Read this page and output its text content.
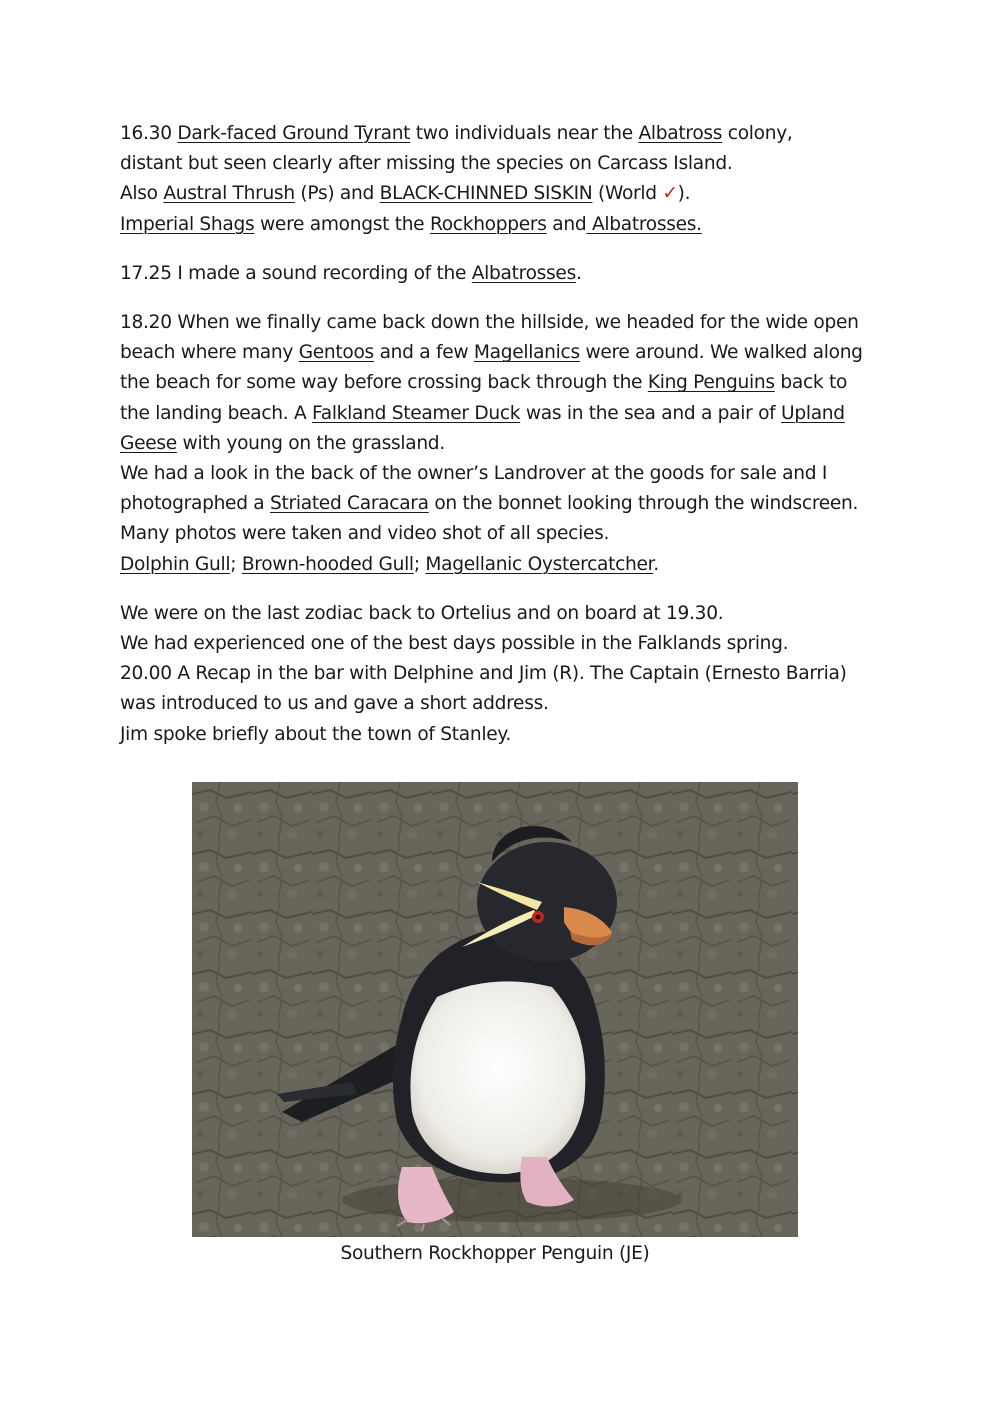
16.30 Dark-faced Ground Tyrant two individuals near the Albatross colony,
distant but seen clearly after missing the species on Carcass Island.
Also Austral Thrush (Ps) and BLACK-CHINNED SISKIN (World ✓).
Imperial Shags were amongst the Rockhoppers and Albatrosses.
17.25 I made a sound recording of the Albatrosses.
18.20 When we finally came back down the hillside, we headed for the wide open
beach where many Gentoos and a few Magellanics were around. We walked along
the beach for some way before crossing back through the King Penguins back to
the landing beach. A Falkland Steamer Duck was in the sea and a pair of Upland
Geese with young on the grassland.
We had a look in the back of the owner’s Landrover at the goods for sale and I
photographed a Striated Caracara on the bonnet looking through the windscreen.
Many photos were taken and video shot of all species.
Dolphin Gull; Brown-hooded Gull; Magellanic Oystercatcher.
We were on the last zodiac back to Ortelius and on board at 19.30.
We had experienced one of the best days possible in the Falklands spring.
20.00 A Recap in the bar with Delphine and Jim (R). The Captain (Ernesto Barria)
was introduced to us and gave a short address.
Jim spoke briefly about the town of Stanley.
Southern Rockhopper Penguin (JE)
